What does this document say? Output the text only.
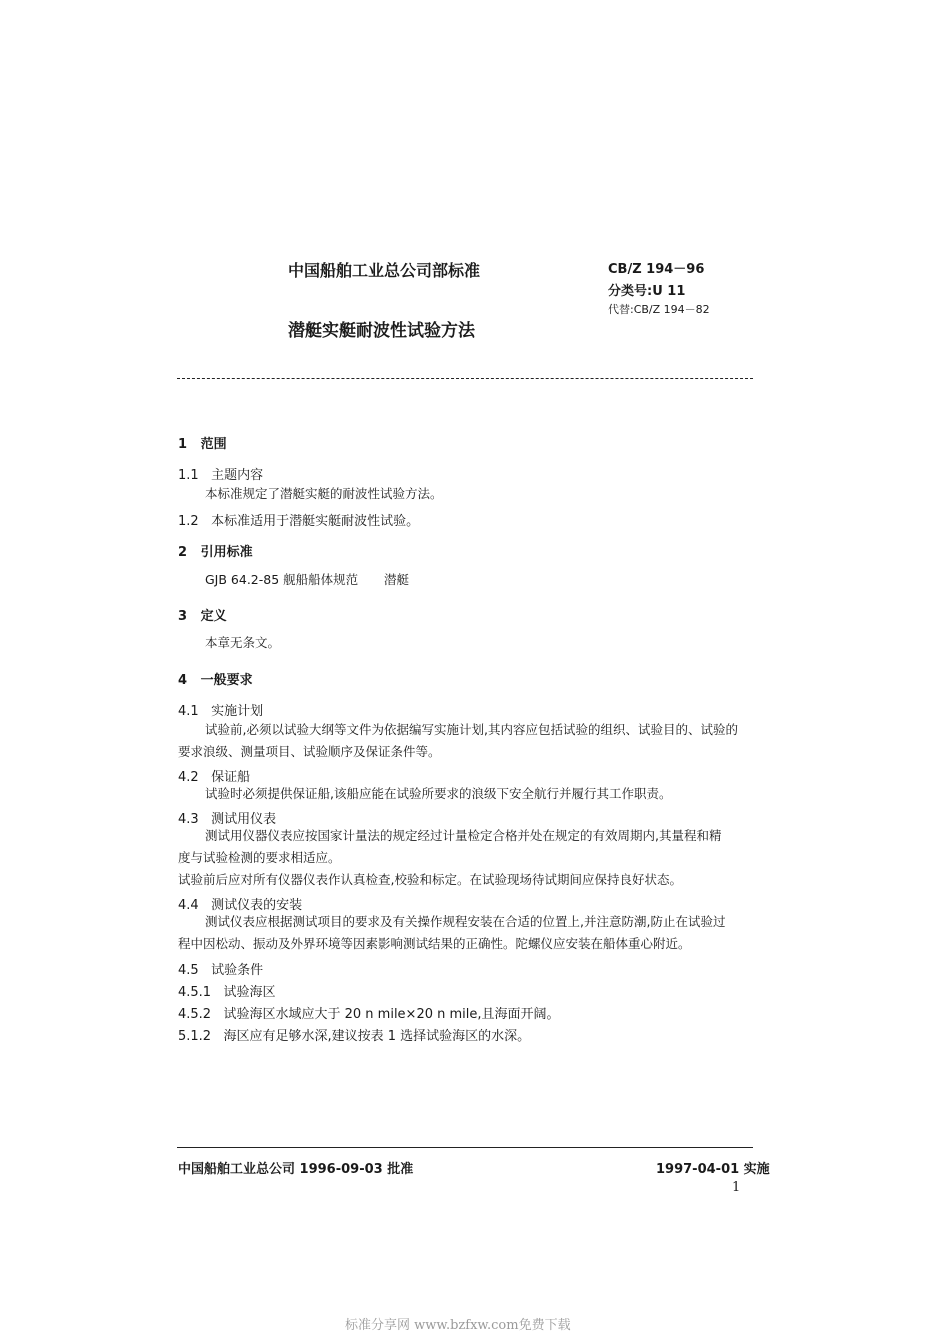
中国船舶工业总公司部标准
潜艇实艇耐波性试验方法
CB/Z 194－96
分类号:U 11
代替:CB/Z 194－82
1 范围
1.1 主题内容
本标准规定了潜艇实艇的耐波性试验方法。
1.2 本标准适用于潜艇实艇耐波性试验。
2 引用标准
GJB 64.2-85 舰船船体规范 潜艇
3 定义
本章无条文。
4 一般要求
4.1 实施计划
试验前,必须以试验大纲等文件为依据编写实施计划,其内容应包括试验的组织、试验目的、试验的
要求浪级、测量项目、试验顺序及保证条件等。
4.2 保证船
试验时必须提供保证船,该船应能在试验所要求的浪级下安全航行并履行其工作职责。
4.3 测试用仪表
测试用仪器仪表应按国家计量法的规定经过计量检定合格并处在规定的有效周期内,其量程和精
度与试验检测的要求相适应。
试验前后应对所有仪器仪表作认真检查,校验和标定。在试验现场待试期间应保持良好状态。
4.4 测试仪表的安装
测试仪表应根据测试项目的要求及有关操作规程安装在合适的位置上,并注意防潮,防止在试验过
程中因松动、振动及外界环境等因素影响测试结果的正确性。陀螺仪应安装在船体重心附近。
4.5 试验条件
4.5.1 试验海区
4.5.2 试验海区水域应大于 20 n mile×20 n mile,且海面开阔。
5.1.2 海区应有足够水深,建议按表 1 选择试验海区的水深。
中国船舶工业总公司 1996-09-03 批准	1997-04-01 实施
1
标准分享网 www.bzfxw.com免费下载
